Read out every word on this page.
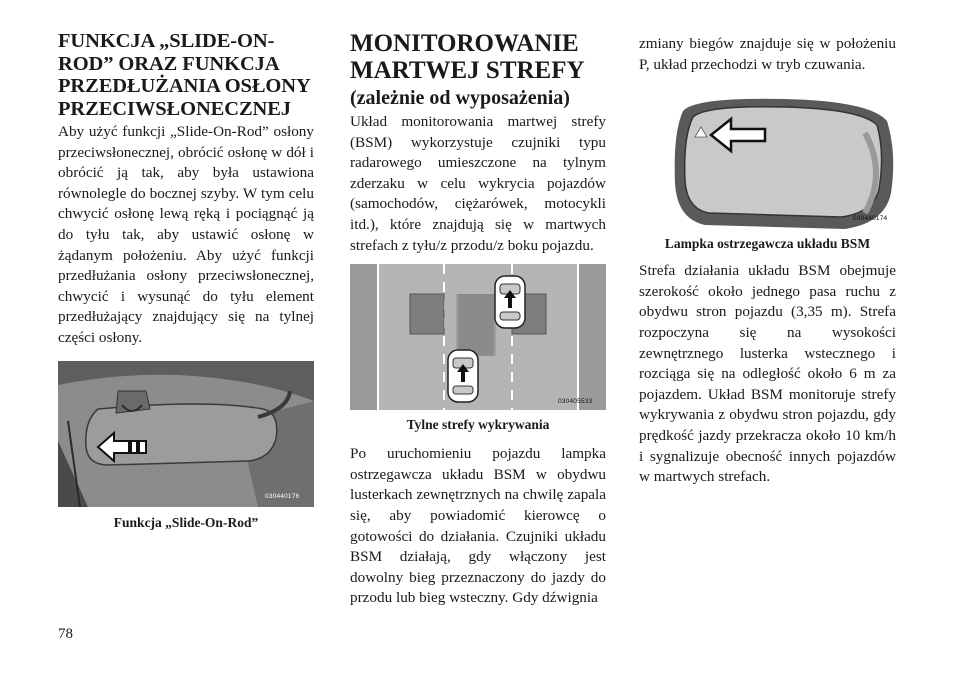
FUNKCJA „SLIDE-ON-ROD” ORAZ FUNKCJA PRZEDŁUŻANIA OSŁONY PRZECIWSŁONECZNEJ

Aby użyć funkcji „Slide-On-Rod” osłony przeciwsłonecznej, obrócić osłonę w dół i obrócić ją tak, aby była ustawiona równolegle do bocznej szyby. W tym celu chwycić osłonę lewą ręką i pociągnąć ją do tyłu tak, aby ustawić osłonę w żądanym położeniu. Aby użyć funkcji przedłużania osłony przeciwsłonecznej, chwycić i wysunąć do tyłu element przedłużający znajdujący się na tylnej części osłony.

030440176
Funkcja „Slide-On-Rod”
MONITOROWANIE MARTWEJ STREFY
(zależnie od wyposażenia)

Układ monitorowania martwej strefy (BSM) wykorzystuje czujniki typu radarowego umieszczone na tylnym zderzaku w celu wykrycia pojazdów (samochodów, ciężarówek, motocykli itd.), które znajdują się w martwych strefach z tyłu/z przodu/z boku pojazdu.

030405533
Tylne strefy wykrywania

Po uruchomieniu pojazdu lampka ostrzegawcza układu BSM w obydwu lusterkach zewnętrznych na chwilę zapala się, aby powiadomić kierowcę o gotowości do działania. Czujniki układu BSM działają, gdy włączony jest dowolny bieg przeznaczony do jazdy do przodu lub bieg wsteczny. Gdy dźwignia

zmiany biegów znajduje się w położeniu P, układ przechodzi w tryb czuwania.

030440174
Lampka ostrzegawcza układu BSM

Strefa działania układu BSM obejmuje szerokość około jednego pasa ruchu z obydwu stron pojazdu (3,35 m). Strefa rozpoczyna się na wysokości zewnętrznego lusterka wstecznego i rozciąga się na odległość około 6 m za pojazdem. Układ BSM monitoruje strefy wykrywania z obydwu stron pojazdu, gdy prędkość jazdy przekracza około 10 km/h i sygnalizuje obecność innych pojazdów w martwych strefach.

78
